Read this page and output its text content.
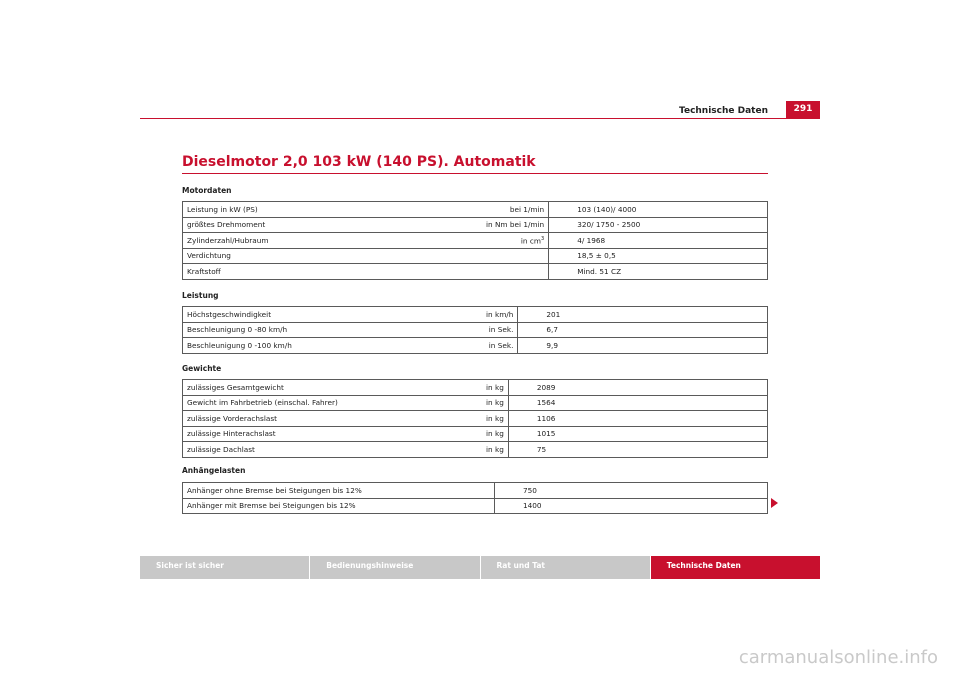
Technische Daten	291
Dieselmotor 2,0 103 kW (140 PS). Automatik
Motordaten
Leistung in kW (PS)	bei 1/min	103 (140)/ 4000
größtes Drehmoment	in Nm bei 1/min	320/ 1750 - 2500
Zylinderzahl/Hubraum	in $cm^3$	4/ 1968
Verdichtung		18,5 ± 0,5
Kraftstoff		Mind. 51 CZ
Leistung
Höchstgeschwindigkeit	in km/h	201
Beschleunigung 0 -80 km/h	in Sek.	6,7
Beschleunigung 0 -100 km/h	in Sek.	9,9
Gewichte
zulässiges Gesamtgewicht	in kg	2089
Gewicht im Fahrbetrieb (einschal. Fahrer)	in kg	1564
zulässige Vorderachslast	in kg	1106
zulässige Hinterachslast	in kg	1015
zulässige Dachlast	in kg	75
Anhängelasten
Anhänger ohne Bremse bei Steigungen bis 12%	750
Anhänger mit Bremse bei Steigungen bis 12%	1400
Sicher ist sicher	Bedienungshinweise	Rat und Tat	Technische Daten
carmanualsonline.info
